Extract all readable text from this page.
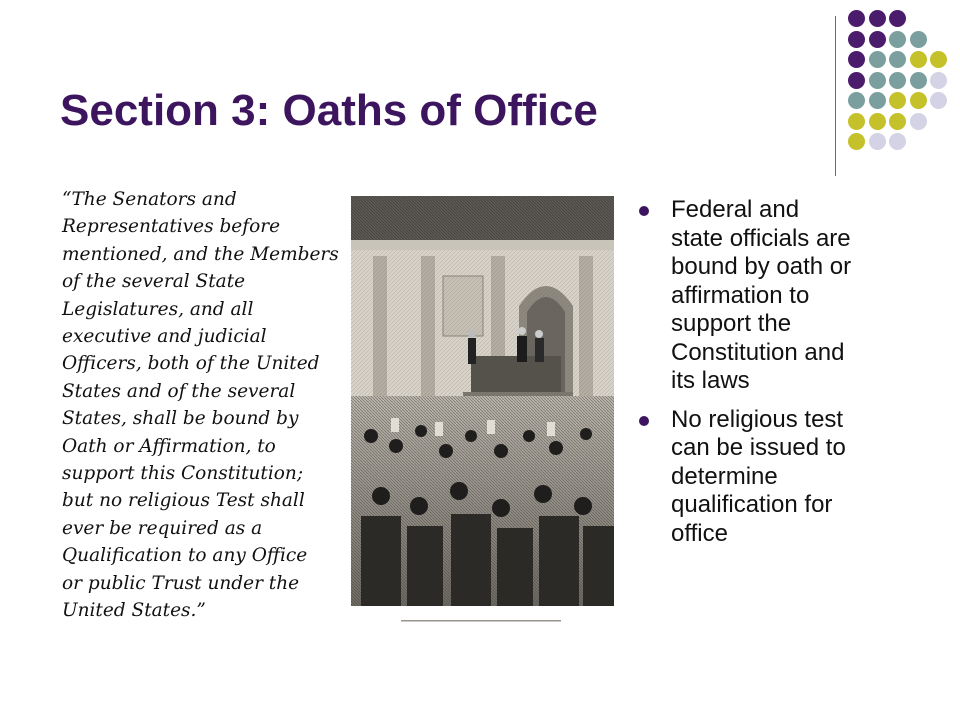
Section 3: Oaths of Office
“The Senators and
Representatives before
mentioned, and the Members
of the several State
Legislatures, and all
executive and judicial
Officers, both of the United
States and of the several
States, shall be bound by
Oath or Affirmation, to
support this Constitution;
but no religious Test shall
ever be required as a
Qualification to any Office
or public Trust under the
United States.”
Federal and
state officials are
bound by oath or
affirmation to
support the
Constitution and
its laws
No religious test
can be issued to
determine
qualification for
office
